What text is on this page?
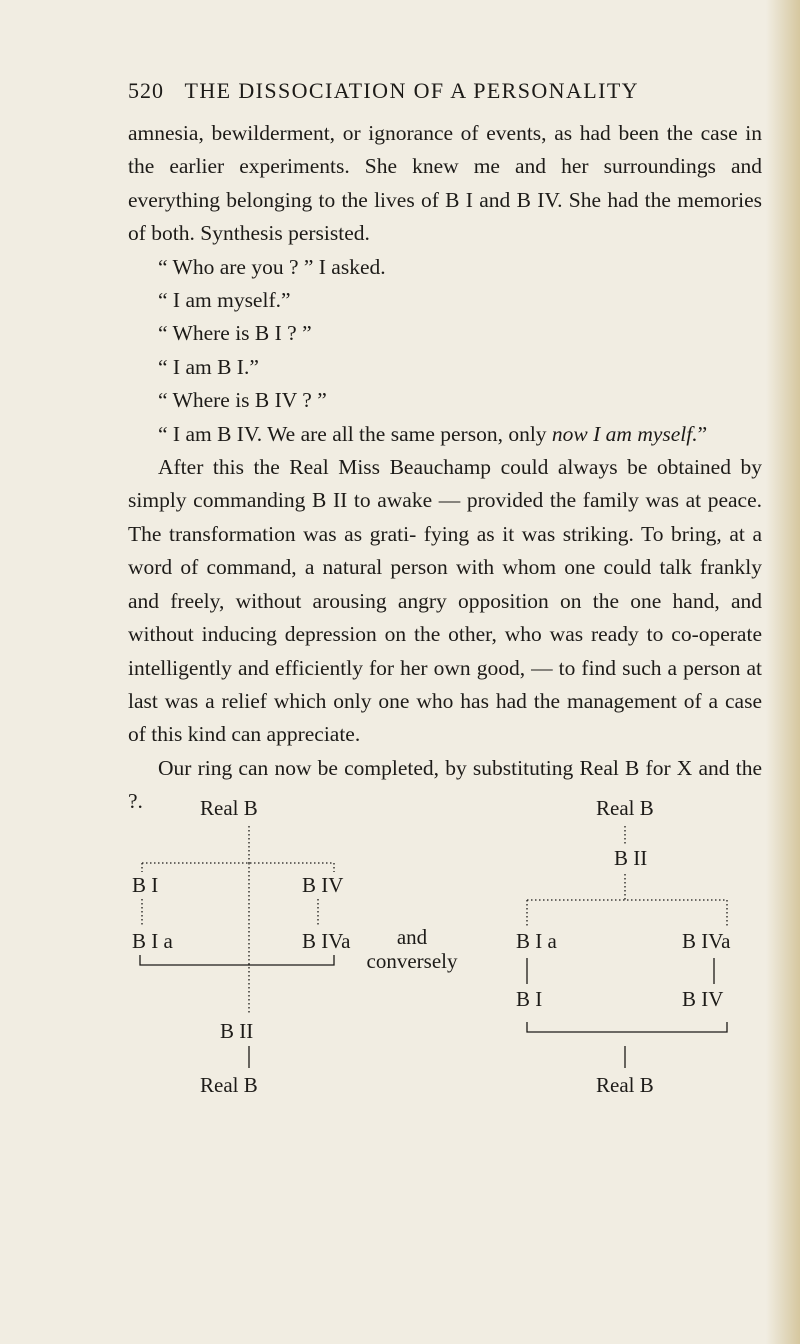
520 THE DISSOCIATION OF A PERSONALITY

amnesia, bewilderment, or ignorance of events, as had been the case in the earlier experiments. She knew me and her surroundings and everything belonging to the lives of B I and B IV. She had the memories of both. Synthesis persisted.

“ Who are you ? ” I asked.

“ I am myself.”

“ Where is B I ? ”

“ I am B I.”

“ Where is B IV ? ”

“ I am B IV. We are all the same person, only now I am myself.”

After this the Real Miss Beauchamp could always be obtained by simply commanding B II to awake — provided the family was at peace. The transformation was as grati- fying as it was striking. To bring, at a word of command, a natural person with whom one could talk frankly and freely, without arousing angry opposition on the one hand, and without inducing depression on the other, who was ready to co-operate intelligently and efficiently for her own good, — to find such a person at last was a relief which only one who has had the management of a case of this kind can appreciate.

Our ring can now be completed, by substituting Real B for X and the ?.	Real B
B I	B IV
B I a	B IVa
B II
Real B
and
conversely
Real B
B II
B I a	B IVa
B I	B IV
Real B
